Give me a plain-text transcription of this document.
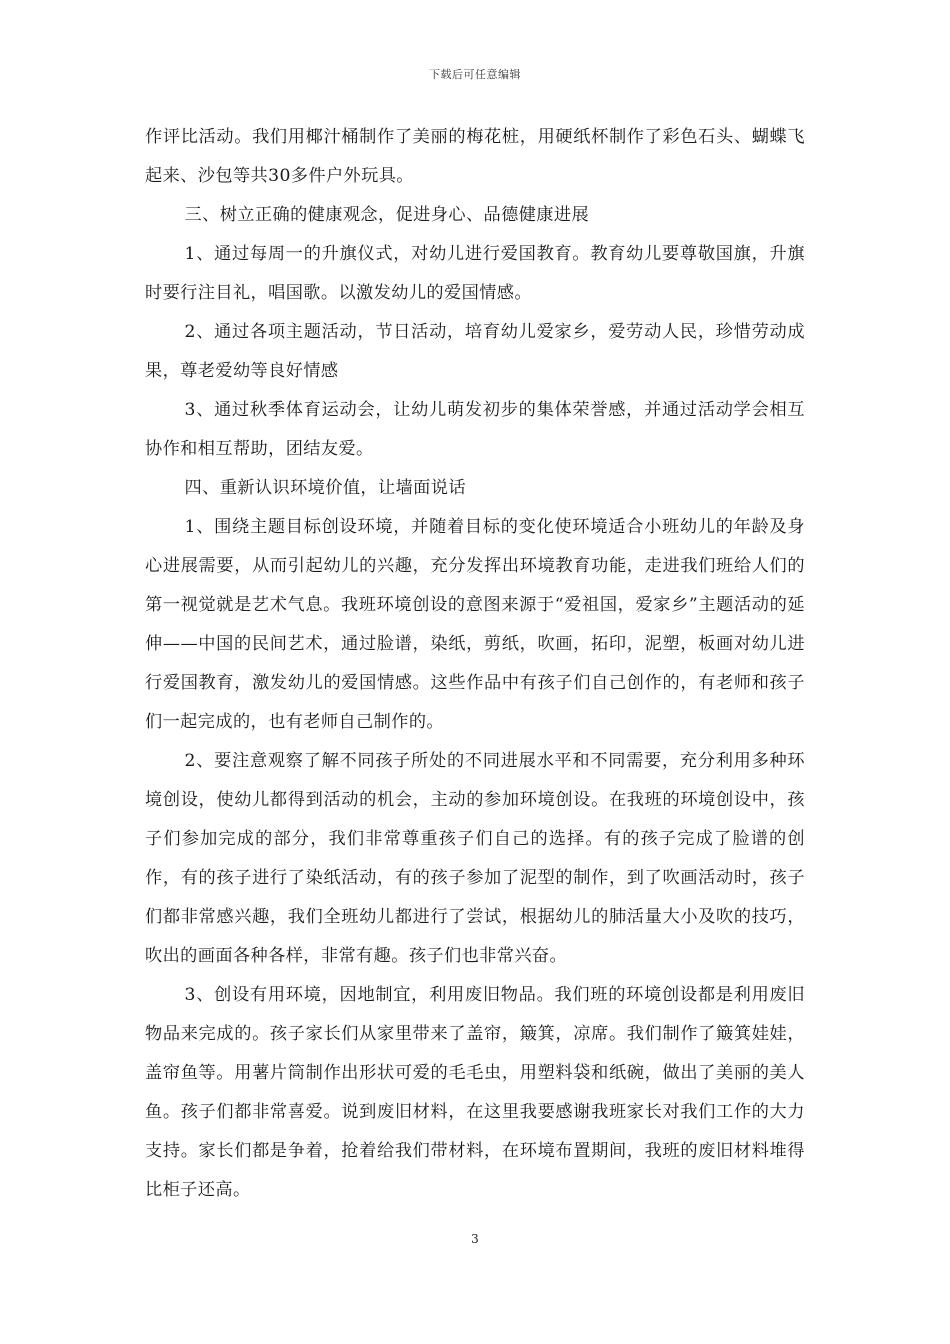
下载后可任意编辑

作评比活动。我们用椰汁桶制作了美丽的梅花桩，用硬纸杯制作了彩色石头、蝴蝶飞起来、沙包等共30多件户外玩具。

三、树立正确的健康观念，促进身心、品德健康进展

1、通过每周一的升旗仪式，对幼儿进行爱国教育。教育幼儿要尊敬国旗，升旗时要行注目礼，唱国歌。以激发幼儿的爱国情感。

2、通过各项主题活动，节日活动，培育幼儿爱家乡，爱劳动人民，珍惜劳动成果，尊老爱幼等良好情感

3、通过秋季体育运动会，让幼儿萌发初步的集体荣誉感，并通过活动学会相互协作和相互帮助，团结友爱。

四、重新认识环境价值，让墙面说话

1、围绕主题目标创设环境，并随着目标的变化使环境适合小班幼儿的年龄及身心进展需要，从而引起幼儿的兴趣，充分发挥出环境教育功能，走进我们班给人们的第一视觉就是艺术气息。我班环境创设的意图来源于“爱祖国，爱家乡”主题活动的延伸——中国的民间艺术，通过脸谱，染纸，剪纸，吹画，拓印，泥塑，板画对幼儿进行爱国教育，激发幼儿的爱国情感。这些作品中有孩子们自己创作的，有老师和孩子们一起完成的，也有老师自己制作的。

2、要注意观察了解不同孩子所处的不同进展水平和不同需要，充分利用多种环境创设，使幼儿都得到活动的机会，主动的参加环境创设。在我班的环境创设中，孩子们参加完成的部分，我们非常尊重孩子们自己的选择。有的孩子完成了脸谱的创作，有的孩子进行了染纸活动，有的孩子参加了泥型的制作，到了吹画活动时，孩子们都非常感兴趣，我们全班幼儿都进行了尝试，根据幼儿的肺活量大小及吹的技巧，吹出的画面各种各样，非常有趣。孩子们也非常兴奋。

3、创设有用环境，因地制宜，利用废旧物品。我们班的环境创设都是利用废旧物品来完成的。孩子家长们从家里带来了盖帘，簸箕，凉席。我们制作了簸箕娃娃，盖帘鱼等。用薯片筒制作出形状可爱的毛毛虫，用塑料袋和纸碗，做出了美丽的美人鱼。孩子们都非常喜爱。说到废旧材料，在这里我要感谢我班家长对我们工作的大力支持。家长们都是争着，抢着给我们带材料，在环境布置期间，我班的废旧材料堆得比柜子还高。

3
